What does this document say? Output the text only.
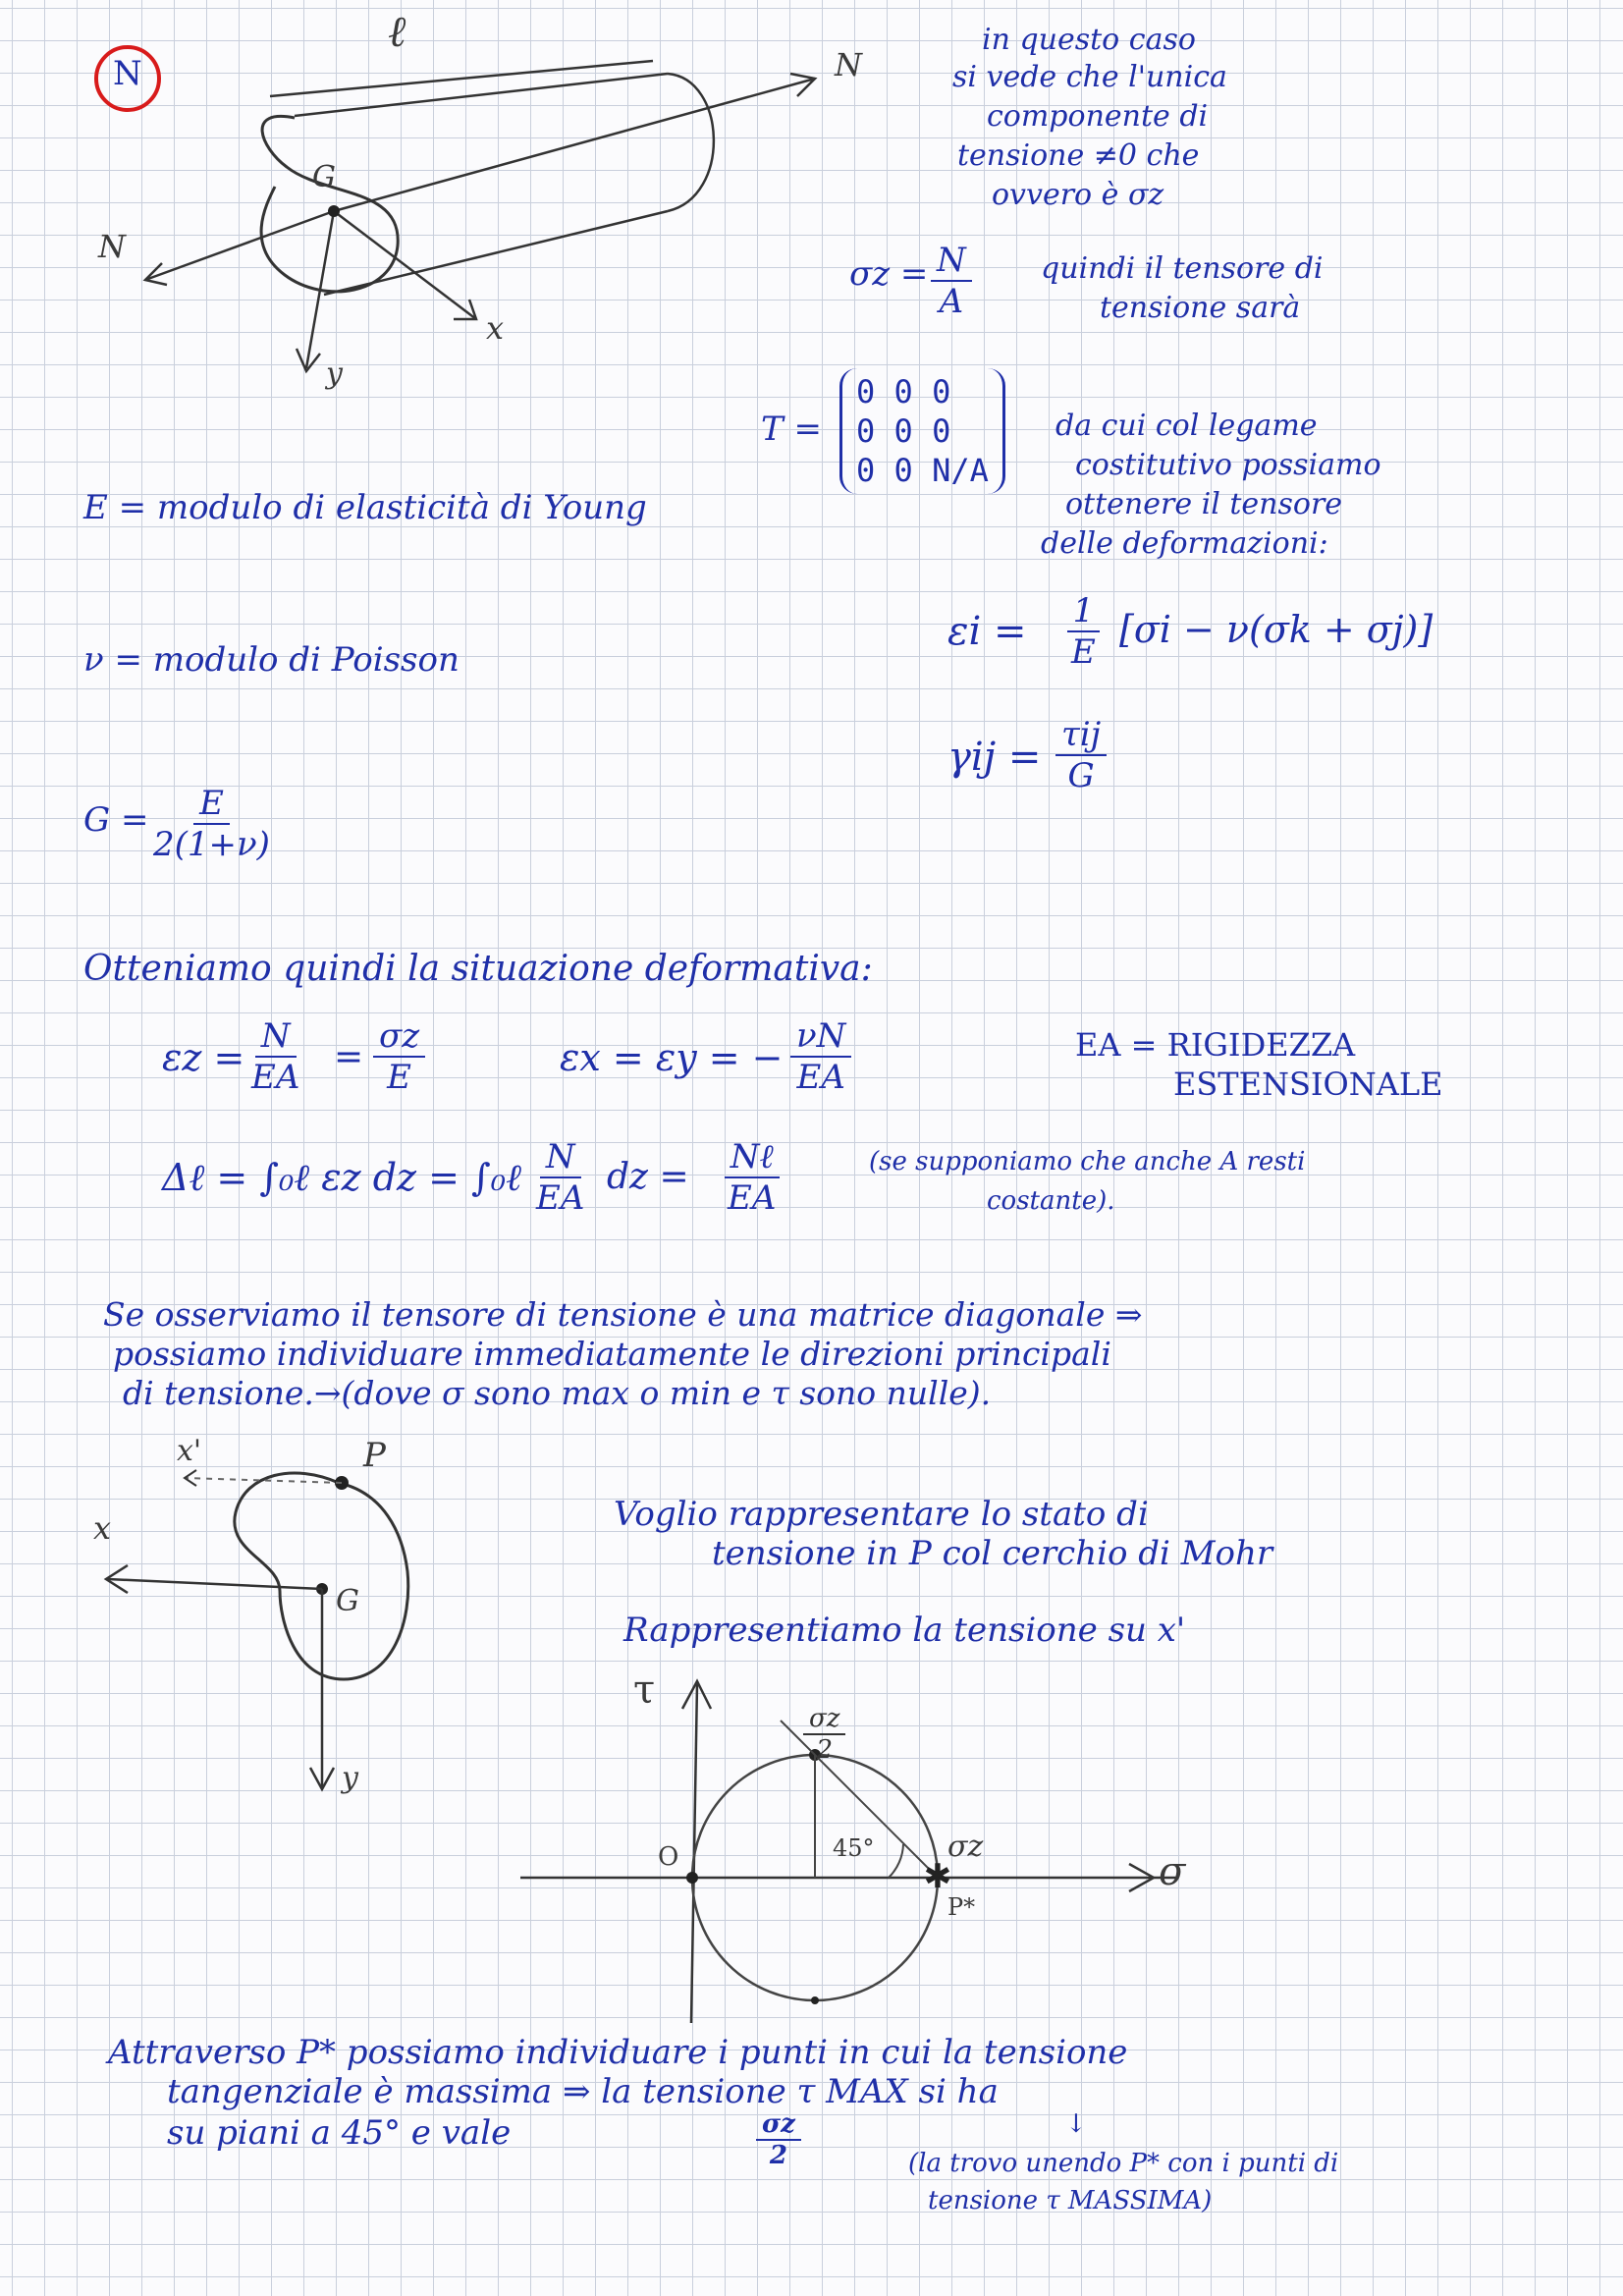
N
ℓ
N
N
G
x
y
in questo caso
si vede che l'unica
componente di
tensione ≠0 che
ovvero è σz
$\sigma z = \frac{N}{A}$ quindi il tensore di
tensione sarà
T =
0 0 0
0 0 0
0 0 N/A
da cui col legame
costitutivo possiamo
ottenere il tensore
delle deformazioni:
$\varepsilon i = \frac{1}{E} [\sigma i - \nu(\sigma k + \sigma j)]$
γij = τij
G
E = modulo di elasticità di Young
ν = modulo di Poisson
G =
$\frac{E}{2(1+\nu)}$
Otteniamo quindi la situazione deformativa:
$\varepsilon z = \frac{N}{EA} = \frac{\sigma z}{E}$	εx = εy = − $\frac{\nu N}{EA}$	EA = RIGIDEZZA
ESTENSIONALE
Δℓ = ∫₀ℓ εz dz = ∫₀ℓ $\frac{N}{EA}$ dz = Nℓ
EA
(se supponiamo che anche A resti
costante).
Se osserviamo il tensore di tensione è una matrice diagonale ⇒
possiamo individuare immediatamente le direzioni principali
di tensione.→(dove σ sono max o min e τ sono nulle).
✱
x'	P
x
G
y
Voglio rappresentare lo stato di
tensione in P col cerchio di Mohr
Rappresentiamo la tensione su x'
τ
σ
O
$\frac{\sigma z}{2}$
45° σz
P*
Attraverso P* possiamo individuare i punti in cui la tensione
tangenziale è massima ⇒ la tensione τ MAX si ha
su piani a 45° e vale	$\frac{\sigma z}{2}$	↓
(la trovo unendo P* con i punti di
tensione τ MASSIMA)
